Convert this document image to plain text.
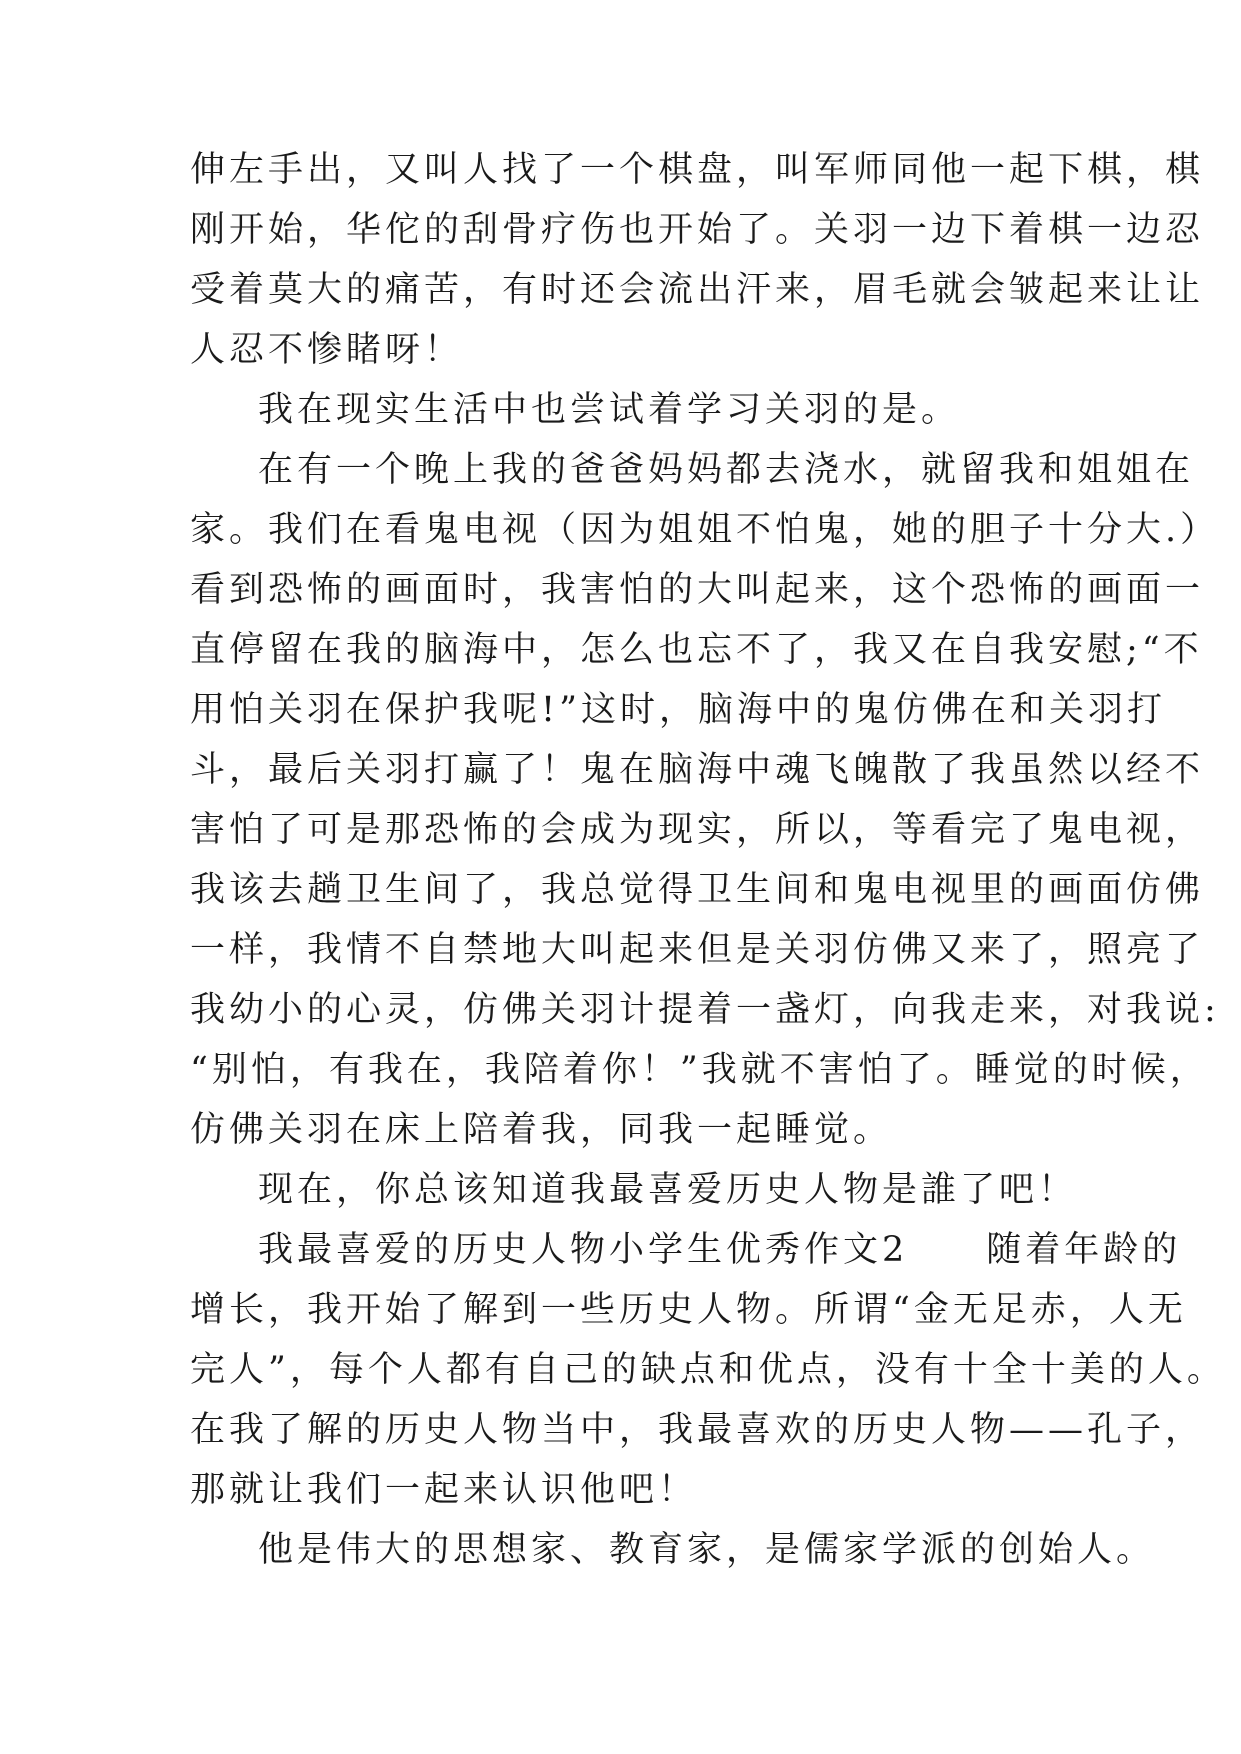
伸左手出，又叫人找了一个棋盘，叫军师同他一起下棋，棋
刚开始，华佗的刮骨疗伤也开始了。关羽一边下着棋一边忍
受着莫大的痛苦，有时还会流出汗来，眉毛就会皱起来让让
人忍不惨睹呀！
我在现实生活中也尝试着学习关羽的是。
在有一个晚上我的爸爸妈妈都去浇水，就留我和姐姐在
家。我们在看鬼电视（因为姐姐不怕鬼，她的胆子十分大.）
看到恐怖的画面时，我害怕的大叫起来，这个恐怖的画面一
直停留在我的脑海中，怎么也忘不了，我又在自我安慰;“不
用怕关羽在保护我呢!”这时，脑海中的鬼仿佛在和关羽打
斗，最后关羽打赢了！鬼在脑海中魂飞魄散了我虽然以经不
害怕了可是那恐怖的会成为现实，所以，等看完了鬼电视，
我该去趟卫生间了，我总觉得卫生间和鬼电视里的画面仿佛
一样，我情不自禁地大叫起来但是关羽仿佛又来了，照亮了
我幼小的心灵，仿佛关羽计提着一盏灯，向我走来，对我说:
“别怕，有我在，我陪着你！”我就不害怕了。睡觉的时候，
仿佛关羽在床上陪着我，同我一起睡觉。
现在，你总该知道我最喜爱历史人物是誰了吧！
我最喜爱的历史人物小学生优秀作文2　　随着年龄的
增长，我开始了解到一些历史人物。所谓“金无足赤，人无
完人”，每个人都有自己的缺点和优点，没有十全十美的人。
在我了解的历史人物当中，我最喜欢的历史人物——孔子，
那就让我们一起来认识他吧！
他是伟大的思想家、教育家，是儒家学派的创始人。
